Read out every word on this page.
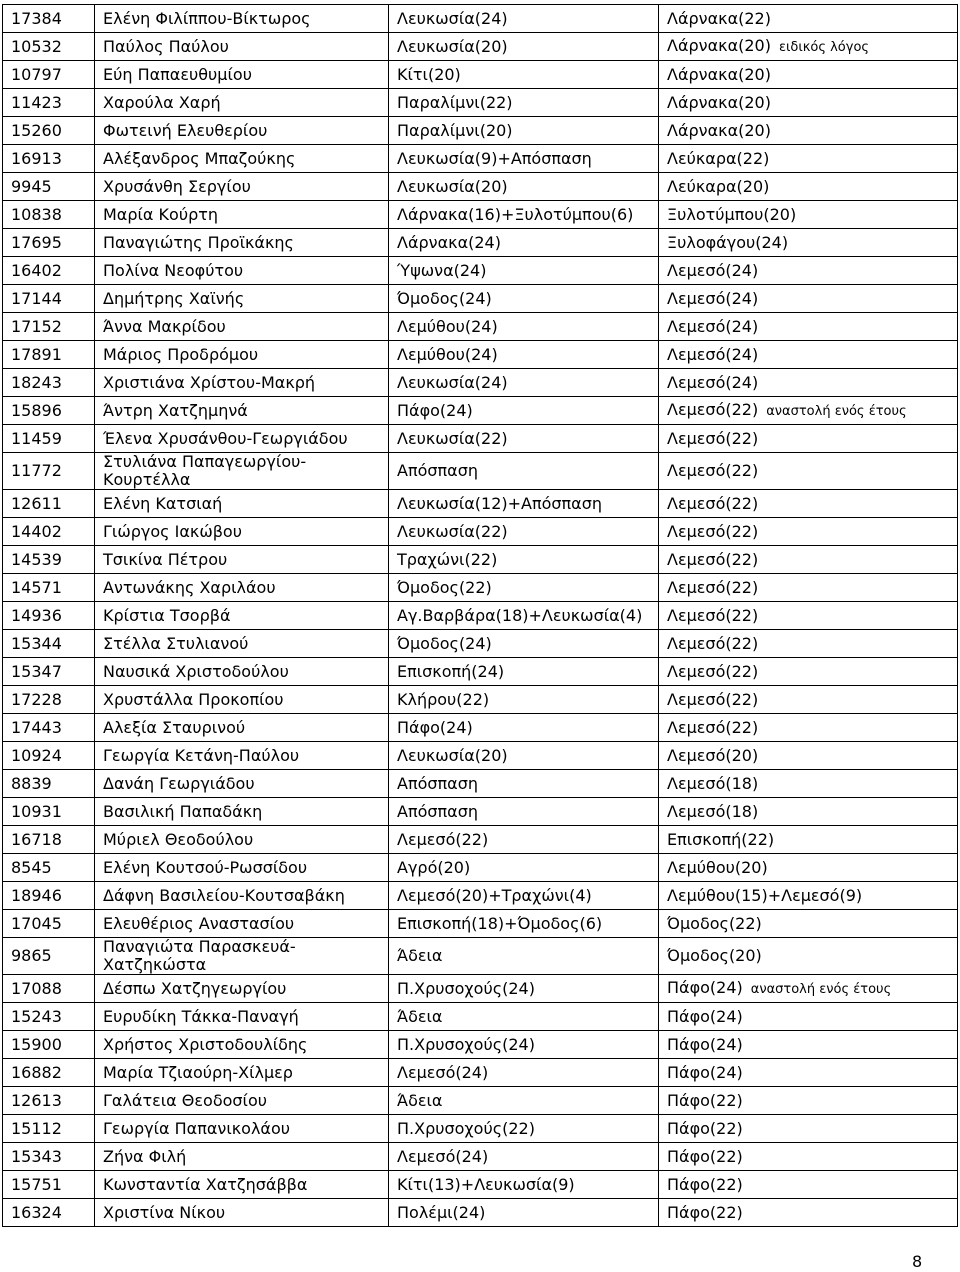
17384	Ελένη Φιλίππου-Βίκτωρος	Λευκωσία(24)	Λάρνακα(22)
10532	Παύλος Παύλου	Λευκωσία(20)	Λάρνακα(20) ειδικός λόγος
10797	Εύη Παπαευθυμίου	Κίτι(20)	Λάρνακα(20)
11423	Χαρούλα Χαρή	Παραλίμνι(22)	Λάρνακα(20)
15260	Φωτεινή Ελευθερίου	Παραλίμνι(20)	Λάρνακα(20)
16913	Αλέξανδρος Μπαζούκης	Λευκωσία(9)+Απόσπαση	Λεύκαρα(22)
9945	Χρυσάνθη Σεργίου	Λευκωσία(20)	Λεύκαρα(20)
10838	Μαρία Κούρτη	Λάρνακα(16)+Ξυλοτύμπου(6)	Ξυλοτύμπου(20)
17695	Παναγιώτης Προϊκάκης	Λάρνακα(24)	Ξυλοφάγου(24)
16402	Πολίνα Νεοφύτου	Ύψωνα(24)	Λεμεσό(24)
17144	Δημήτρης Χαϊνής	Όμοδος(24)	Λεμεσό(24)
17152	Άννα Μακρίδου	Λεμύθου(24)	Λεμεσό(24)
17891	Μάριος Προδρόμου	Λεμύθου(24)	Λεμεσό(24)
18243	Χριστιάνα Χρίστου-Μακρή	Λευκωσία(24)	Λεμεσό(24)
15896	Άντρη Χατζημηνά	Πάφο(24)	Λεμεσό(22) αναστολή ενός έτους
11459	Έλενα Χρυσάνθου-Γεωργιάδου	Λευκωσία(22)	Λεμεσό(22)
11772	Στυλιάνα Παπαγεωργίου-Κουρτέλλα	Απόσπαση	Λεμεσό(22)
12611	Ελένη Κατσιαή	Λευκωσία(12)+Απόσπαση	Λεμεσό(22)
14402	Γιώργος Ιακώβου	Λευκωσία(22)	Λεμεσό(22)
14539	Τσικίνα Πέτρου	Τραχώνι(22)	Λεμεσό(22)
14571	Αντωνάκης Χαριλάου	Όμοδος(22)	Λεμεσό(22)
14936	Κρίστια Τσορβά	Αγ.Βαρβάρα(18)+Λευκωσία(4)	Λεμεσό(22)
15344	Στέλλα Στυλιανού	Όμοδος(24)	Λεμεσό(22)
15347	Ναυσικά Χριστοδούλου	Επισκοπή(24)	Λεμεσό(22)
17228	Χρυστάλλα Προκοπίου	Κλήρου(22)	Λεμεσό(22)
17443	Αλεξία Σταυρινού	Πάφο(24)	Λεμεσό(22)
10924	Γεωργία Κετάνη-Παύλου	Λευκωσία(20)	Λεμεσό(20)
8839	Δανάη Γεωργιάδου	Απόσπαση	Λεμεσό(18)
10931	Βασιλική Παπαδάκη	Απόσπαση	Λεμεσό(18)
16718	Μύριελ Θεοδούλου	Λεμεσό(22)	Επισκοπή(22)
8545	Ελένη Κουτσού-Ρωσσίδου	Αγρό(20)	Λεμύθου(20)
18946	Δάφνη Βασιλείου-Κουτσαβάκη	Λεμεσό(20)+Τραχώνι(4)	Λεμύθου(15)+Λεμεσό(9)
17045	Ελευθέριος Αναστασίου	Επισκοπή(18)+Όμοδος(6)	Όμοδος(22)
9865	Παναγιώτα Παρασκευά-Χατζηκώστα	Άδεια	Όμοδος(20)
17088	Δέσπω Χατζηγεωργίου	Π.Χρυσοχούς(24)	Πάφο(24) αναστολή ενός έτους
15243	Ευρυδίκη Τάκκα-Παναγή	Άδεια	Πάφο(24)
15900	Χρήστος Χριστοδουλίδης	Π.Χρυσοχούς(24)	Πάφο(24)
16882	Μαρία Τζιαούρη-Χίλμερ	Λεμεσό(24)	Πάφο(24)
12613	Γαλάτεια Θεοδοσίου	Άδεια	Πάφο(22)
15112	Γεωργία Παπανικολάου	Π.Χρυσοχούς(22)	Πάφο(22)
15343	Ζήνα Φιλή	Λεμεσό(24)	Πάφο(22)
15751	Κωνσταντία Χατζησάββα	Κίτι(13)+Λευκωσία(9)	Πάφο(22)
16324	Χριστίνα Νίκου	Πολέμι(24)	Πάφο(22)
8
